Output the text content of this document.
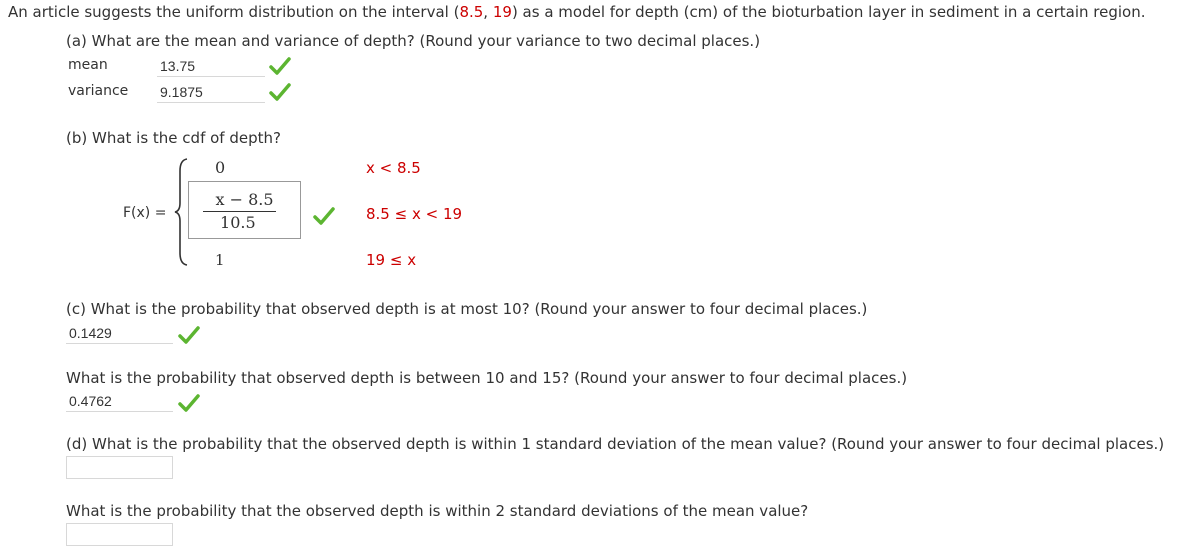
An article suggests the uniform distribution on the interval (8.5, 19) as a model for depth (cm) of the bioturbation layer in sediment in a certain region.
(a) What are the mean and variance of depth? (Round your variance to two decimal places.)
mean	13.75
variance 9.1875
(b) What is the cdf of depth?
F(x) =
0	x < 8.5
x − 8.5
10.5	8.5 ≤ x < 19
1	19 ≤ x
(c) What is the probability that observed depth is at most 10? (Round your answer to four decimal places.)
0.1429
What is the probability that observed depth is between 10 and 15? (Round your answer to four decimal places.)
0.4762
(d) What is the probability that the observed depth is within 1 standard deviation of the mean value? (Round your answer to four decimal places.)
What is the probability that the observed depth is within 2 standard deviations of the mean value?
